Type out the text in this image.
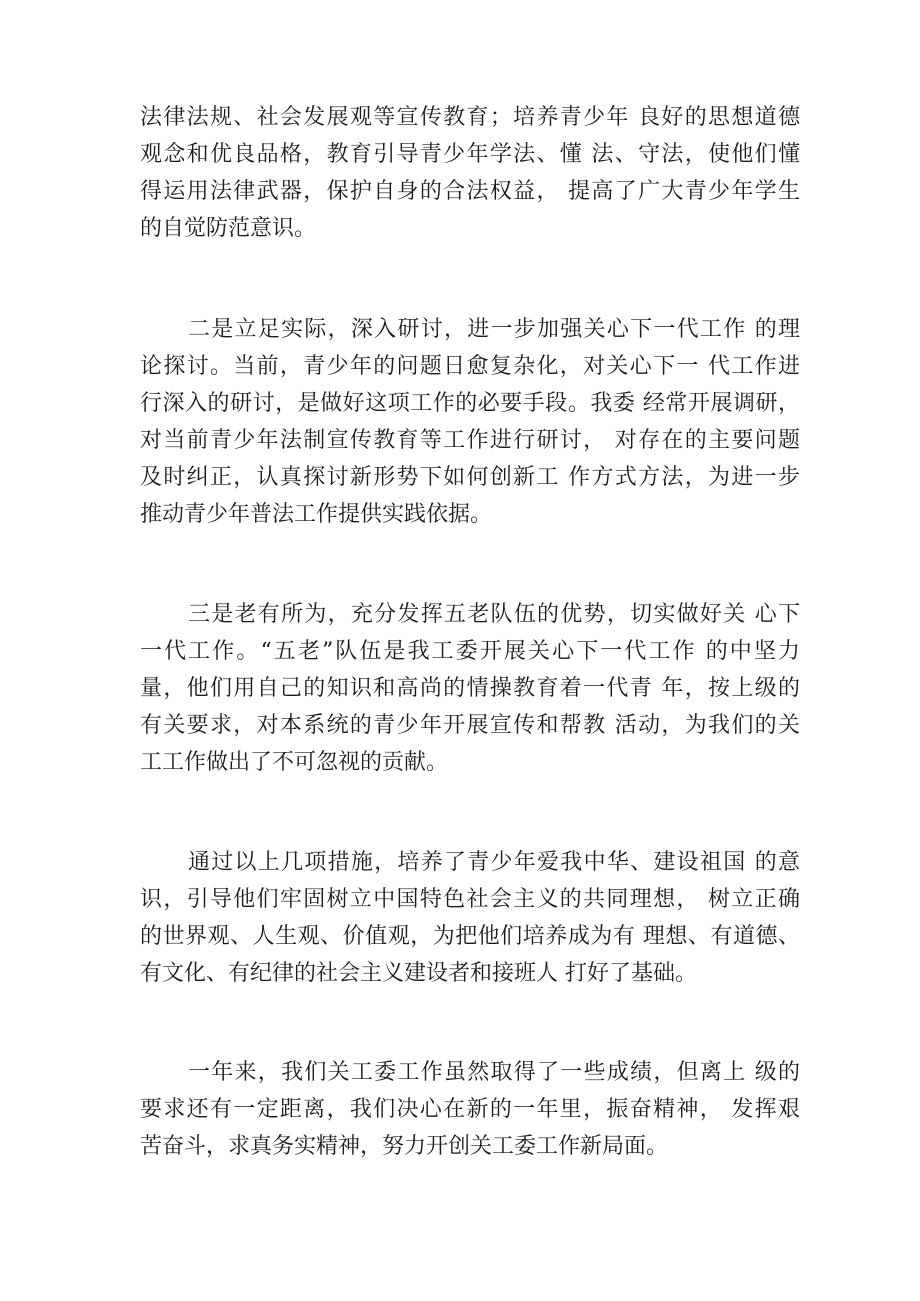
法律法规、社会发展观等宣传教育；培养青少年 良好的思想道德
观念和优良品格，教育引导青少年学法、懂 法、守法，使他们懂
得运用法律武器，保护自身的合法权益， 提高了广大青少年学生
的自觉防范意识。
二是立足实际，深入研讨，进一步加强关心下一代工作 的理
论探讨。当前，青少年的问题日愈复杂化，对关心下一 代工作进
行深入的研讨，是做好这项工作的必要手段。我委 经常开展调研，
对当前青少年法制宣传教育等工作进行研讨， 对存在的主要问题
及时纠正，认真探讨新形势下如何创新工 作方式方法，为进一步
推动青少年普法工作提供实践依据。
三是老有所为，充分发挥五老队伍的优势，切实做好关 心下
一代工作。“五老”队伍是我工委开展关心下一代工作 的中坚力
量，他们用自己的知识和高尚的情操教育着一代青 年，按上级的
有关要求，对本系统的青少年开展宣传和帮教 活动，为我们的关
工工作做出了不可忽视的贡献。
通过以上几项措施，培养了青少年爱我中华、建设祖国 的意
识，引导他们牢固树立中国特色社会主义的共同理想， 树立正确
的世界观、人生观、价值观，为把他们培养成为有 理想、有道德、
有文化、有纪律的社会主义建设者和接班人 打好了基础。
一年来，我们关工委工作虽然取得了一些成绩，但离上 级的
要求还有一定距离，我们决心在新的一年里，振奋精神， 发挥艰
苦奋斗，求真务实精神，努力开创关工委工作新局面。
